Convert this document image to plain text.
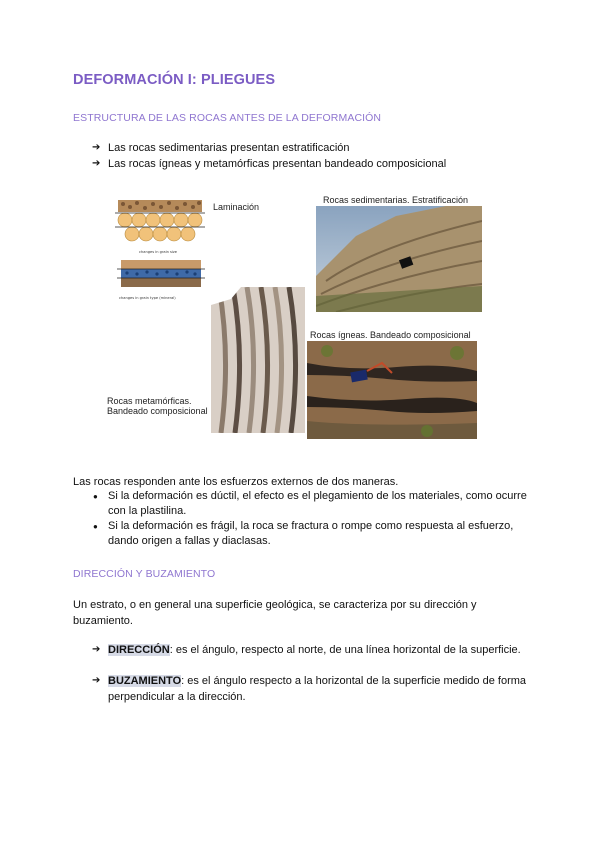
DEFORMACIÓN I: PLIEGUES
ESTRUCTURA DE LAS ROCAS ANTES DE LA DEFORMACIÓN
➔ Las rocas sedimentarias presentan estratificación
➔ Las rocas ígneas y metamórficas presentan bandeado composicional
changes in grain size
changes in grain type (mineral)
Laminación
Rocas sedimentarias. Estratificación
Rocas metamórficas.
Bandeado composicional
Rocas ígneas. Bandeado composicional

Las rocas responden ante los esfuerzos externos de dos maneras.

● Si la deformación es dúctil, el efecto es el plegamiento de los materiales, como ocurre con la plastilina.
● Si la deformación es frágil, la roca se fractura o rompe como respuesta al esfuerzo, dando origen a fallas y diaclasas.
DIRECCIÓN Y BUZAMIENTO

Un estrato, o en general una superficie geológica, se caracteriza por su dirección y buzamiento.

➔ DIRECCIÓN: es el ángulo, respecto al norte, de una línea horizontal de la superficie.
➔ BUZAMIENTO: es el ángulo respecto a la horizontal de la superficie medido de forma perpendicular a la dirección.
